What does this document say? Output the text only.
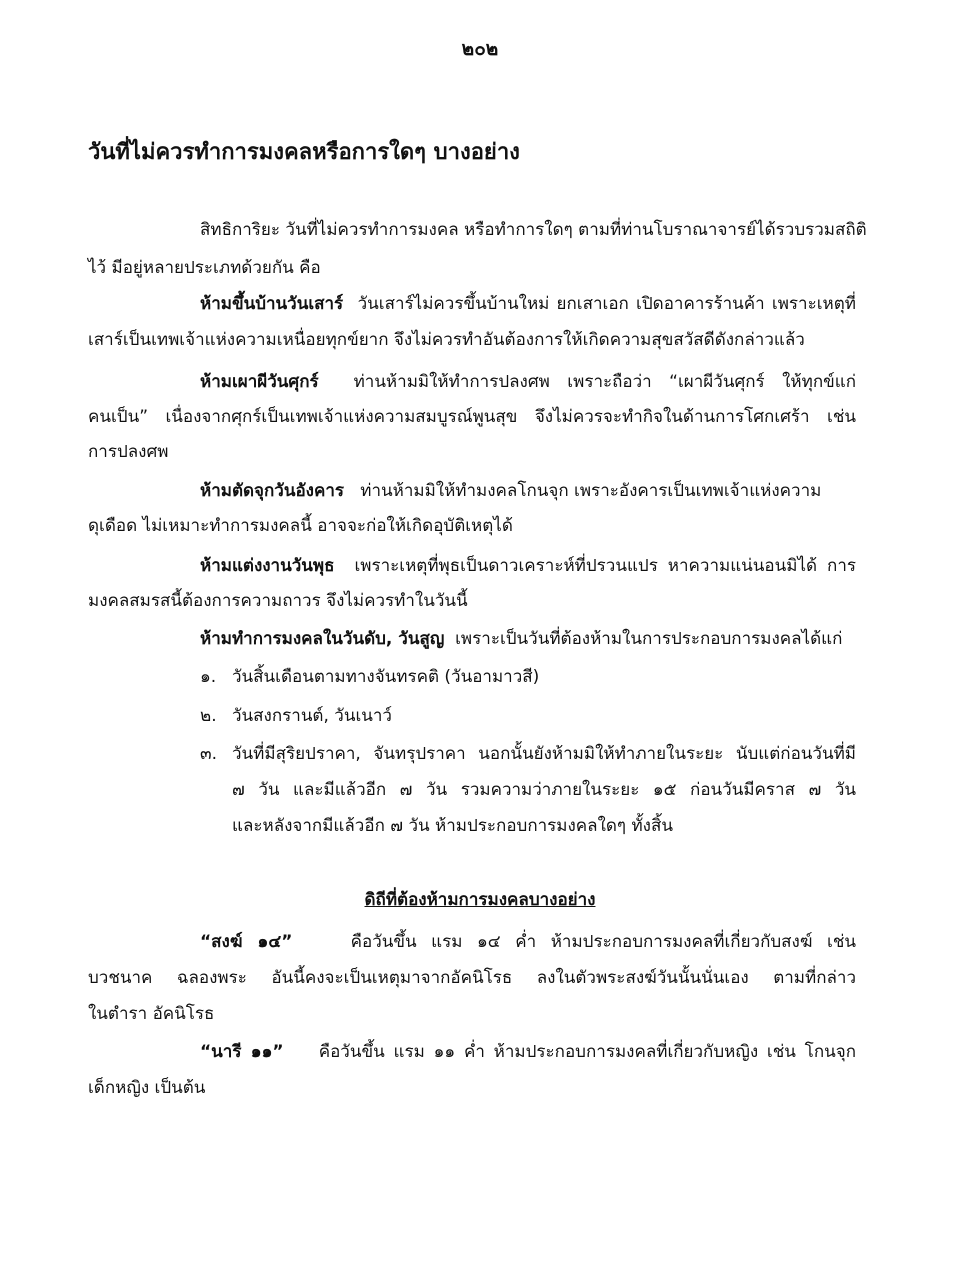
๒๐๒
วันที่ไม่ควรทำการมงคลหรือการใดๆ บางอย่าง
สิทธิการิยะ วันที่ไม่ควรทำการมงคล หรือทำการใดๆ ตามที่ท่านโบราณาจารย์ได้รวบรวมสถิติ
ไว้ มีอยู่หลายประเภทด้วยกัน คือ
ห้ามขึ้นบ้านวันเสาร์ วันเสาร์ไม่ควรขึ้นบ้านใหม่ ยกเสาเอก เปิดอาคารร้านค้า เพราะเหตุที่
เสาร์เป็นเทพเจ้าแห่งความเหนื่อยทุกข์ยาก จึงไม่ควรทำอันต้องการให้เกิดความสุขสวัสดีดังกล่าวแล้ว
ห้ามเผาผีวันศุกร์ ท่านห้ามมิให้ทำการปลงศพ เพราะถือว่า “เผาผีวันศุกร์ ให้ทุกข์แก่
คนเป็น” เนื่องจากศุกร์เป็นเทพเจ้าแห่งความสมบูรณ์พูนสุข จึงไม่ควรจะทำกิจในด้านการโศกเศร้า เช่น
การปลงศพ
ห้ามตัดจุกวันอังคาร ท่านห้ามมิให้ทำมงคลโกนจุก เพราะอังคารเป็นเทพเจ้าแห่งความ
ดุเดือด ไม่เหมาะทำการมงคลนี้ อาจจะก่อให้เกิดอุบัติเหตุได้
ห้ามแต่งงานวันพุธ เพราะเหตุที่พุธเป็นดาวเคราะห์ที่ปรวนแปร หาความแน่นอนมิได้ การ
มงคลสมรสนี้ต้องการความถาวร จึงไม่ควรทำในวันนี้
ห้ามทำการมงคลในวันดับ, วันสูญ เพราะเป็นวันที่ต้องห้ามในการประกอบการมงคลได้แก่
๑. วันสิ้นเดือนตามทางจันทรคติ (วันอามาวสี)
๒. วันสงกรานต์, วันเนาว์
๓. วันที่มีสุริยปราคา, จันทรุปราคา นอกนั้นยังห้ามมิให้ทำภายในระยะ นับแต่ก่อนวันที่มี
๗ วัน และมีแล้วอีก ๗ วัน รวมความว่าภายในระยะ ๑๕ ก่อนวันมีคราส ๗ วัน
และหลังจากมีแล้วอีก ๗ วัน ห้ามประกอบการมงคลใดๆ ทั้งสิ้น
ดิถีที่ต้องห้ามการมงคลบางอย่าง
“สงฆ์ ๑๔”	คือวันขึ้น แรม ๑๔ ค่ำ ห้ามประกอบการมงคลที่เกี่ยวกับสงฆ์ เช่น
บวชนาค ฉลองพระ อันนี้คงจะเป็นเหตุมาจากอัคนิโรธ ลงในตัวพระสงฆ์วันนั้นนั่นเอง ตามที่กล่าว
ในตำรา อัคนิโรธ
“นารี ๑๑” คือวันขึ้น แรม ๑๑ ค่ำ ห้ามประกอบการมงคลที่เกี่ยวกับหญิง เช่น โกนจุก
เด็กหญิง เป็นต้น
